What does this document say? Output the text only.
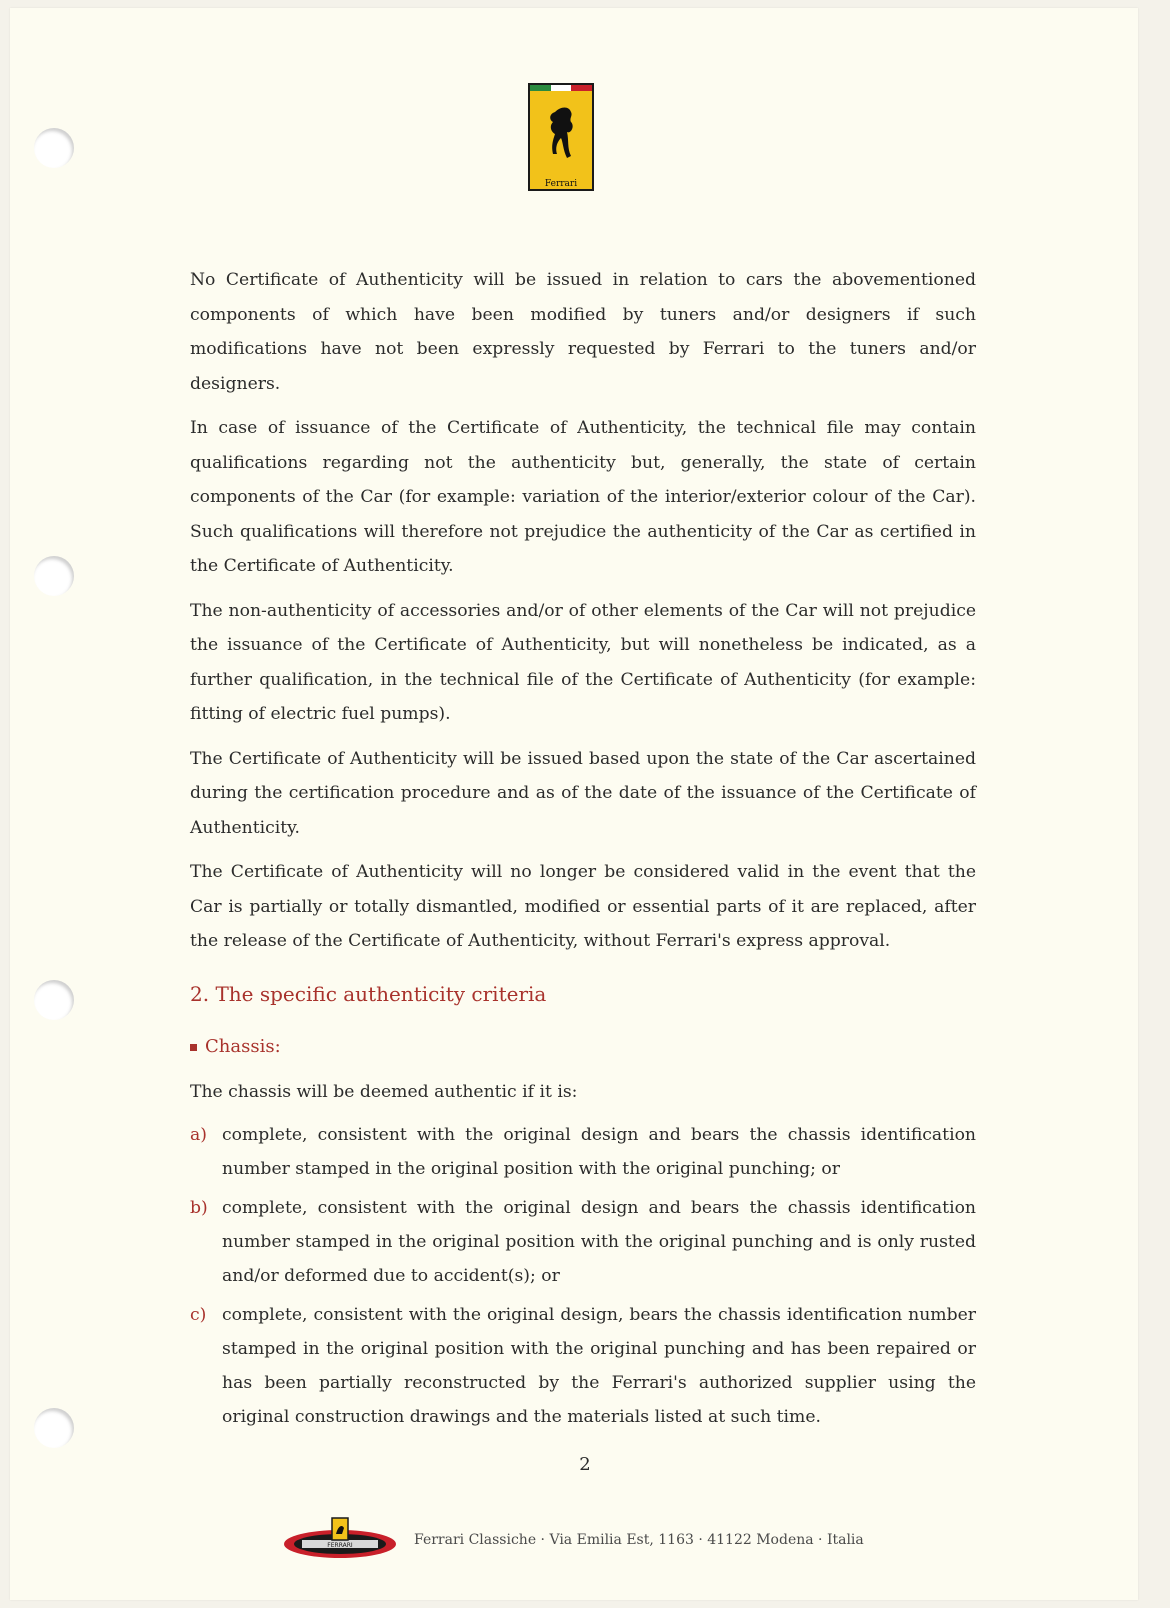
Ferrari

No Certificate of Authenticity will be issued in relation to cars the abovementioned components of which have been modified by tuners and/or designers if such modifications have not been expressly requested by Ferrari to the tuners and/or designers.

In case of issuance of the Certificate of Authenticity, the technical file may contain qualifications regarding not the authenticity but, generally, the state of certain components of the Car (for example: variation of the interior/exterior colour of the Car). Such qualifications will therefore not prejudice the authenticity of the Car as certified in the Certificate of Authenticity.

The non-authenticity of accessories and/or of other elements of the Car will not prejudice the issuance of the Certificate of Authenticity, but will nonetheless be indicated, as a further qualification, in the technical file of the Certificate of Authenticity (for example: fitting of electric fuel pumps).

The Certificate of Authenticity will be issued based upon the state of the Car ascertained during the certification procedure and as of the date of the issuance of the Certificate of Authenticity.

The Certificate of Authenticity will no longer be considered valid in the event that the Car is partially or totally dismantled, modified or essential parts of it are replaced, after the release of the Certificate of Authenticity, without Ferrari's express approval.

2. The specific authenticity criteria
Chassis:
The chassis will be deemed authentic if it is:
a) complete, consistent with the original design and bears the chassis identification number stamped in the original position with the original punching; or
b) complete, consistent with the original design and bears the chassis identification number stamped in the original position with the original punching and is only rusted and/or deformed due to accident(s); or
c) complete, consistent with the original design, bears the chassis identification number stamped in the original position with the original punching and has been repaired or has been partially reconstructed by the Ferrari's authorized supplier using the original construction drawings and the materials listed at such time.
2
FERRARI	Ferrari Classiche · Via Emilia Est, 1163 · 41122 Modena · Italia
